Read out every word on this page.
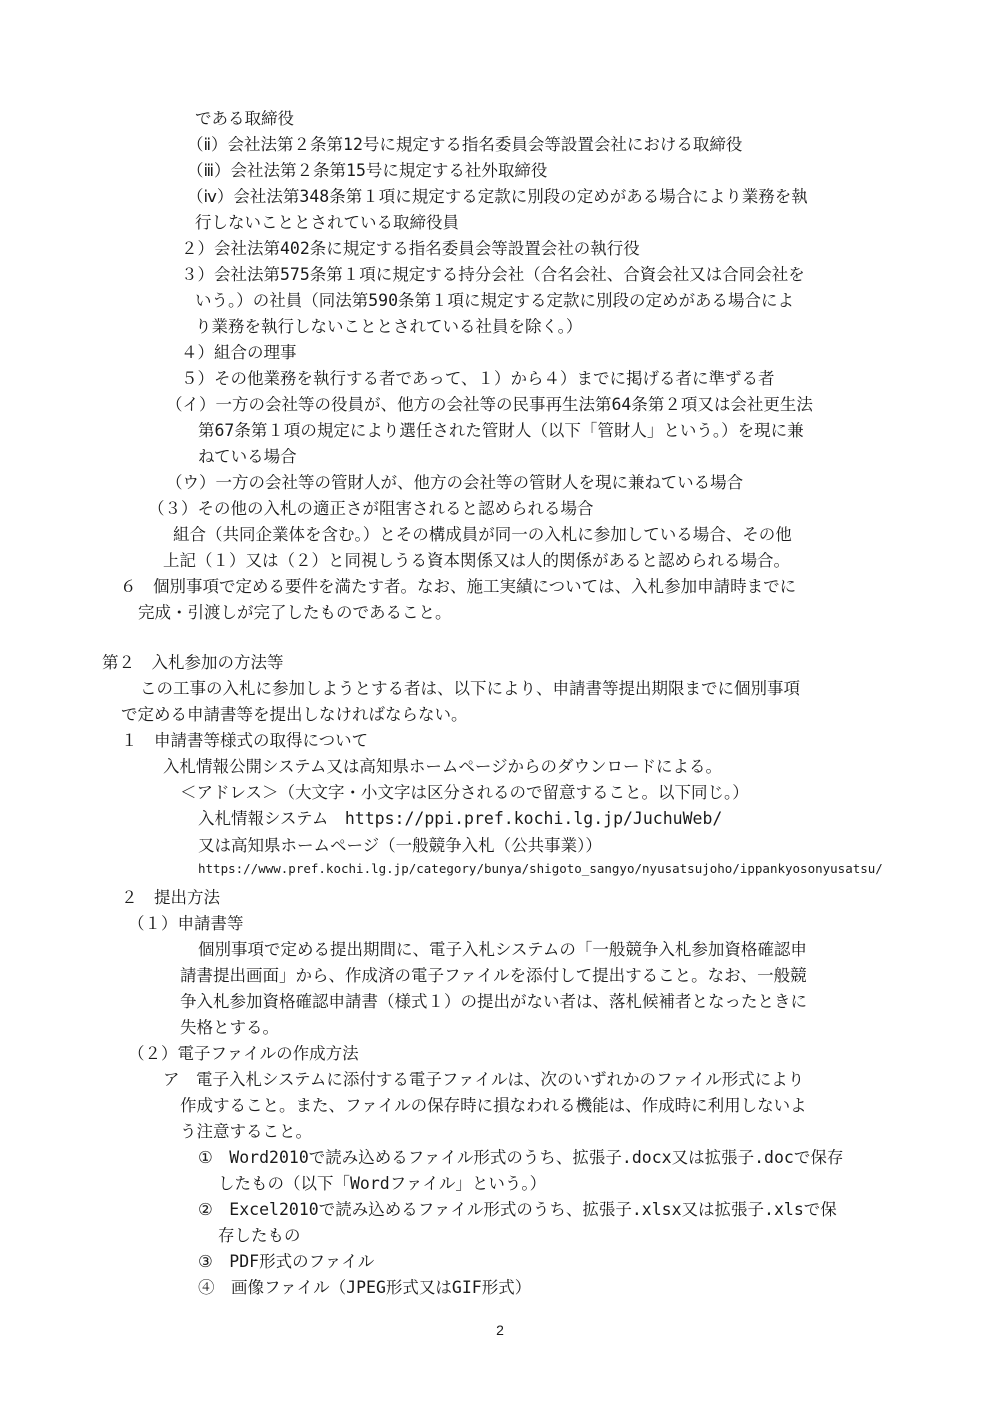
である取締役
（ⅱ）会社法第２条第12号に規定する指名委員会等設置会社における取締役
（ⅲ）会社法第２条第15号に規定する社外取締役
（ⅳ）会社法第348条第１項に規定する定款に別段の定めがある場合により業務を執
行しないこととされている取締役員
２）会社法第402条に規定する指名委員会等設置会社の執行役
３）会社法第575条第１項に規定する持分会社（合名会社、合資会社又は合同会社を
いう。）の社員（同法第590条第１項に規定する定款に別段の定めがある場合によ
り業務を執行しないこととされている社員を除く。）
４）組合の理事
５）その他業務を執行する者であって、１）から４）までに掲げる者に準ずる者
（イ）一方の会社等の役員が、他方の会社等の民事再生法第64条第２項又は会社更生法
第67条第１項の規定により選任された管財人（以下「管財人」という。）を現に兼
ねている場合
（ウ）一方の会社等の管財人が、他方の会社等の管財人を現に兼ねている場合
（３）その他の入札の適正さが阻害されると認められる場合
組合（共同企業体を含む。）とその構成員が同一の入札に参加している場合、その他
上記（１）又は（２）と同視しうる資本関係又は人的関係があると認められる場合。
６　個別事項で定める要件を満たす者。なお、施工実績については、入札参加申請時までに
完成・引渡しが完了したものであること。
第２　入札参加の方法等
この工事の入札に参加しようとする者は、以下により、申請書等提出期限までに個別事項
で定める申請書等を提出しなければならない。
１　申請書等様式の取得について
入札情報公開システム又は高知県ホームページからのダウンロードによる。
＜アドレス＞（大文字・小文字は区分されるので留意すること。以下同じ。）
入札情報システム　https://ppi.pref.kochi.lg.jp/JuchuWeb/
又は高知県ホームページ（一般競争入札（公共事業））
https://www.pref.kochi.lg.jp/category/bunya/shigoto_sangyo/nyusatsujoho/ippankyosonyusatsu/
２　提出方法
（１）申請書等
個別事項で定める提出期間に、電子入札システムの「一般競争入札参加資格確認申
請書提出画面」から、作成済の電子ファイルを添付して提出すること。なお、一般競
争入札参加資格確認申請書（様式１）の提出がない者は、落札候補者となったときに
失格とする。
（２）電子ファイルの作成方法
ア　電子入札システムに添付する電子ファイルは、次のいずれかのファイル形式により
作成すること。また、ファイルの保存時に損なわれる機能は、作成時に利用しないよ
う注意すること。
①　Word2010で読み込めるファイル形式のうち、拡張子.docx又は拡張子.docで保存
したもの（以下「Wordファイル」という。）
②　Excel2010で読み込めるファイル形式のうち、拡張子.xlsx又は拡張子.xlsで保
存したもの
③　PDF形式のファイル
④　画像ファイル（JPEG形式又はGIF形式）
2
